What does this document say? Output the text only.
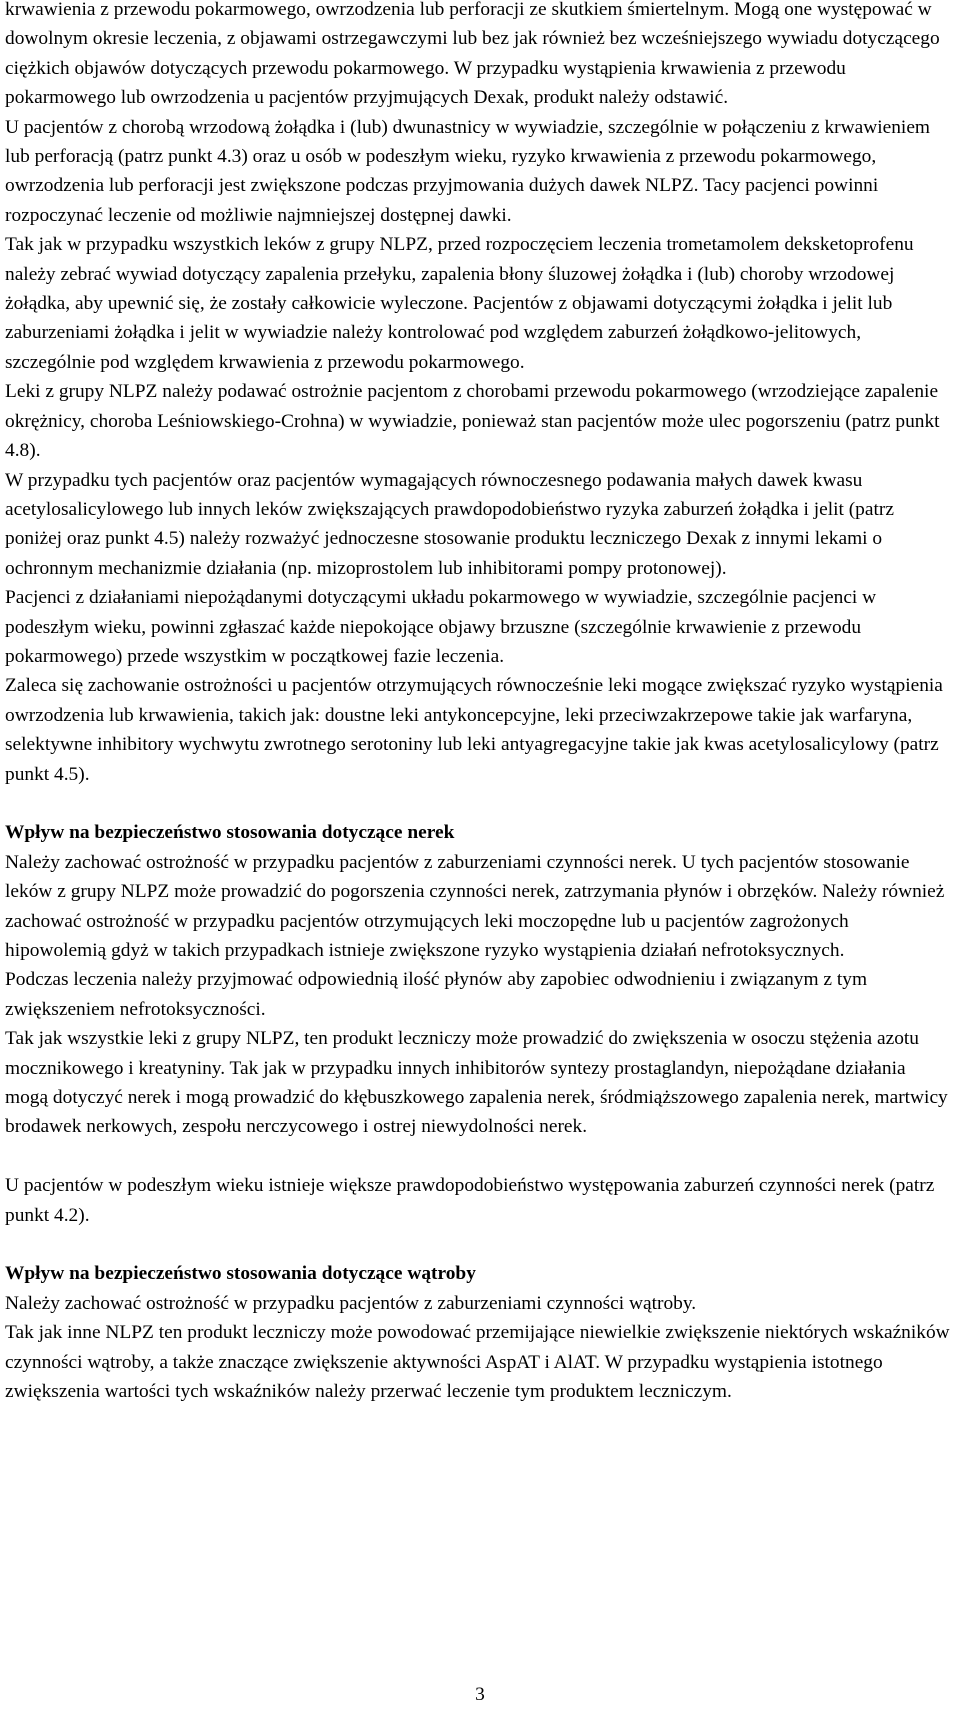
krwawienia z przewodu pokarmowego, owrzodzenia lub perforacji ze skutkiem śmiertelnym. Mogą one występować w dowolnym okresie leczenia, z objawami ostrzegawczymi lub bez jak również bez wcześniejszego wywiadu dotyczącego ciężkich objawów dotyczących przewodu pokarmowego. W przypadku wystąpienia krwawienia z przewodu pokarmowego lub owrzodzenia u pacjentów przyjmujących Dexak, produkt należy odstawić.

U pacjentów z chorobą wrzodową żołądka i (lub) dwunastnicy w wywiadzie, szczególnie w połączeniu z krwawieniem lub perforacją (patrz punkt 4.3) oraz u osób w podeszłym wieku, ryzyko krwawienia z przewodu pokarmowego, owrzodzenia lub perforacji jest zwiększone podczas przyjmowania dużych dawek NLPZ. Tacy pacjenci powinni rozpoczynać leczenie od możliwie najmniejszej dostępnej dawki.

Tak jak w przypadku wszystkich leków z grupy NLPZ, przed rozpoczęciem leczenia trometamolem deksketoprofenu należy zebrać wywiad dotyczący zapalenia przełyku, zapalenia błony śluzowej żołądka i (lub) choroby wrzodowej żołądka, aby upewnić się, że zostały całkowicie wyleczone. Pacjentów z objawami dotyczącymi żołądka i jelit lub zaburzeniami żołądka i jelit w wywiadzie należy kontrolować pod względem zaburzeń żołądkowo-jelitowych, szczególnie pod względem krwawienia z przewodu pokarmowego.

Leki z grupy NLPZ należy podawać ostrożnie pacjentom z chorobami przewodu pokarmowego (wrzodziejące zapalenie okrężnicy, choroba Leśniowskiego-Crohna) w wywiadzie, ponieważ stan pacjentów może ulec pogorszeniu (patrz punkt 4.8).

W przypadku tych pacjentów oraz pacjentów wymagających równoczesnego podawania małych dawek kwasu acetylosalicylowego lub innych leków zwiększających prawdopodobieństwo ryzyka zaburzeń żołądka i jelit (patrz poniżej oraz punkt 4.5) należy rozważyć jednoczesne stosowanie produktu leczniczego Dexak z innymi lekami o ochronnym mechanizmie działania (np. mizoprostolem lub inhibitorami pompy protonowej).

Pacjenci z działaniami niepożądanymi dotyczącymi układu pokarmowego w wywiadzie, szczególnie pacjenci w podeszłym wieku, powinni zgłaszać każde niepokojące objawy brzuszne (szczególnie krwawienie z przewodu pokarmowego) przede wszystkim w początkowej fazie leczenia.

Zaleca się zachowanie ostrożności u pacjentów otrzymujących równocześnie leki mogące zwiększać ryzyko wystąpienia owrzodzenia lub krwawienia, takich jak: doustne leki antykoncepcyjne, leki przeciwzakrzepowe takie jak warfaryna, selektywne inhibitory wychwytu zwrotnego serotoniny lub leki antyagregacyjne takie jak kwas acetylosalicylowy (patrz punkt 4.5).

Wpływ na bezpieczeństwo stosowania dotyczące nerek

Należy zachować ostrożność w przypadku pacjentów z zaburzeniami czynności nerek. U tych pacjentów stosowanie leków z grupy NLPZ może prowadzić do pogorszenia czynności nerek, zatrzymania płynów i obrzęków. Należy również zachować ostrożność w przypadku pacjentów otrzymujących leki moczopędne lub u pacjentów zagrożonych hipowolemią gdyż w takich przypadkach istnieje zwiększone ryzyko wystąpienia działań nefrotoksycznych.

Podczas leczenia należy przyjmować odpowiednią ilość płynów aby zapobiec odwodnieniu i związanym z tym zwiększeniem nefrotoksyczności.

Tak jak wszystkie leki z grupy NLPZ, ten produkt leczniczy może prowadzić do zwiększenia w osoczu stężenia azotu mocznikowego i kreatyniny. Tak jak w przypadku innych inhibitorów syntezy prostaglandyn, niepożądane działania mogą dotyczyć nerek i mogą prowadzić do kłębuszkowego zapalenia nerek, śródmiąższowego zapalenia nerek, martwicy brodawek nerkowych, zespołu nerczycowego i ostrej niewydolności nerek.

U pacjentów w podeszłym wieku istnieje większe prawdopodobieństwo występowania zaburzeń czynności nerek (patrz punkt 4.2).

Wpływ na bezpieczeństwo stosowania dotyczące wątroby

Należy zachować ostrożność w przypadku pacjentów z zaburzeniami czynności wątroby.

Tak jak inne NLPZ ten produkt leczniczy może powodować przemijające niewielkie zwiększenie niektórych wskaźników czynności wątroby, a także znaczące zwiększenie aktywności AspAT i AlAT. W przypadku wystąpienia istotnego zwiększenia wartości tych wskaźników należy przerwać leczenie tym produktem leczniczym.

3
